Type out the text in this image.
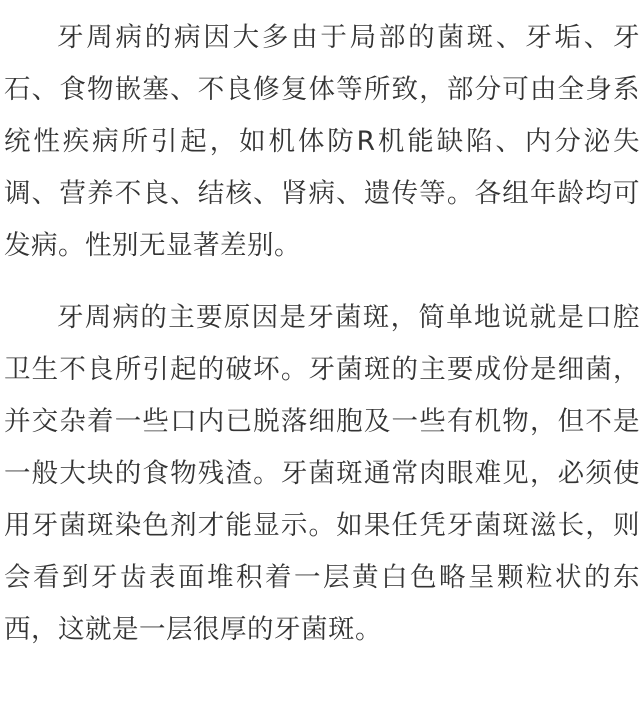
牙周病的病因大多由于局部的菌斑、牙垢、牙石、食物嵌塞、不良修复体等所致，部分可由全身系统性疾病所引起，如机体防R机能缺陷、内分泌失调、营养不良、结核、肾病、遗传等。各组年龄均可发病。性别无显著差别。

牙周病的主要原因是牙菌斑，简单地说就是口腔卫生不良所引起的破坏。牙菌斑的主要成份是细菌，并交杂着一些口内已脱落细胞及一些有机物，但不是一般大块的食物残渣。牙菌斑通常肉眼难见，必须使用牙菌斑染色剂才能显示。如果任凭牙菌斑滋长，则会看到牙齿表面堆积着一层黄白色略呈颗粒状的东西，这就是一层很厚的牙菌斑。
